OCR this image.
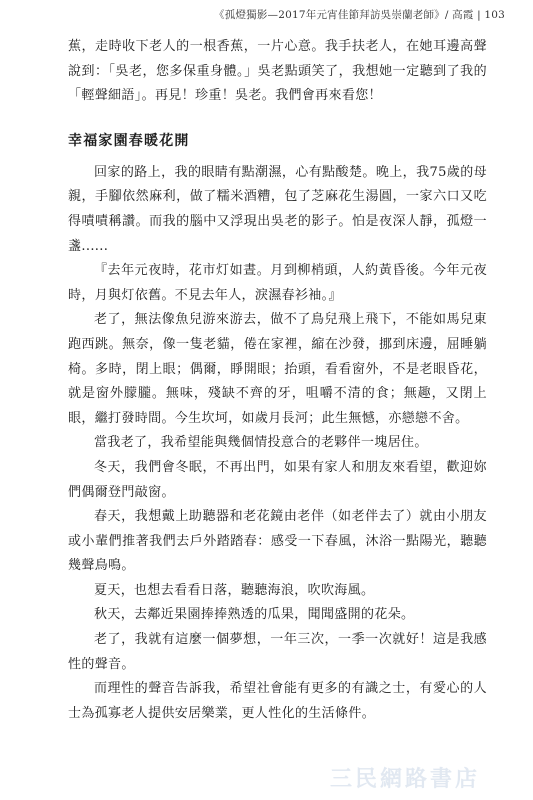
《孤燈獨影—2017年元宵佳節拜訪吳崇蘭老師》/ 高霞 | 103

蕉，走時收下老人的一根香蕉，一片心意。我手扶老人，在她耳邊高聲說到：「吳老，您多保重身體。」吳老點頭笑了，我想她一定聽到了我的「輕聲細語」。再見！珍重！吳老。我們會再來看您！

幸福家園春暖花開

回家的路上，我的眼睛有點潮濕，心有點酸楚。晚上，我75歲的母親，手腳依然麻利，做了糯米酒糟，包了芝麻花生湯圓，一家六口又吃得嘖嘖稱讚。而我的腦中又浮現出吳老的影子。怕是夜深人靜，孤燈一盞......

『去年元夜時，花市灯如晝。月到柳梢頭，人約黃昏後。今年元夜時，月與灯依舊。不見去年人，淚濕春衫袖。』

老了，無法像魚兒游來游去，做不了鳥兒飛上飛下，不能如馬兒東跑西跳。無奈，像一隻老貓，倦在家裡，縮在沙發，挪到床邊，屈睡躺椅。多時，閉上眼；偶爾，睜開眼；抬頭，看看窗外，不是老眼昏花，就是窗外朦朧。無味，殘缺不齊的牙，咀嚼不清的食；無趣，又閉上眼，繼打發時間。今生坎坷，如歲月長河；此生無憾，亦戀戀不舍。

當我老了，我希望能與幾個情投意合的老夥伴一塊居住。

冬天，我們會冬眠，不再出門，如果有家人和朋友來看望，歡迎妳們偶爾登門敲窗。

春天，我想戴上助聽器和老花鏡由老伴（如老伴去了）就由小朋友或小輩們推著我們去戶外踏踏春：感受一下春風，沐浴一點陽光，聽聽幾聲鳥鳴。

夏天，也想去看看日落，聽聽海浪，吹吹海風。

秋天，去鄰近果園捧捧熟透的瓜果，聞聞盛開的花朵。

老了，我就有這麼一個夢想，一年三次，一季一次就好！這是我感性的聲音。

而理性的聲音告訴我，希望社會能有更多的有識之士，有愛心的人士為孤寡老人提供安居樂業，更人性化的生活條件。

三民網路書店
